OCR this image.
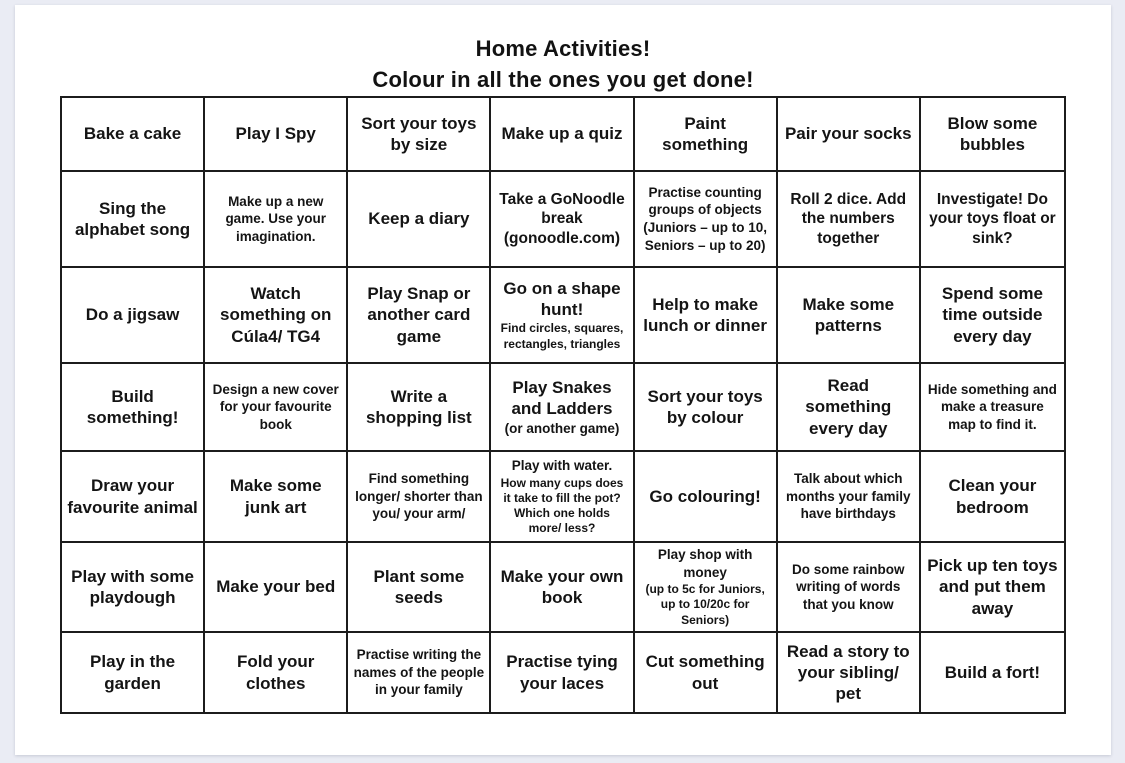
Home Activities!
Colour in all the ones you get done!
Bake a cake	Play I Spy
Sort your toys by size
Make up a quiz
Paint something
Pair your socks
Blow some bubbles
Sing the alphabet song
Make up a new game. Use your imagination.
Keep a diary
Take a GoNoodle break (gonoodle.com)
Practise counting groups of objects (Juniors – up to 10, Seniors – up to 20)
Roll 2 dice. Add the numbers together
Investigate! Do your toys float or sink?
Do a jigsaw
Watch something on Cúla4/ TG4
Play Snap or another card game
Go on a shape hunt!
Find circles, squares, rectangles, triangles
Help to make lunch or dinner
Make some patterns
Spend some time outside every day
Build something!
Design a new cover for your favourite book
Write a shopping list
Play Snakes and Ladders
(or another game)
Sort your toys by colour
Read something every day
Hide something and make a treasure map to find it.
Draw your favourite animal
Make some junk art
Find something longer/ shorter than you/ your arm/
Play with water.
How many cups does it take to fill the pot? Which one holds more/ less?
Go colouring!
Talk about which months your family have birthdays
Clean your bedroom
Play with some playdough
Make your bed
Plant some seeds
Make your own book
Play shop with money
(up to 5c for Juniors, up to 10/20c for Seniors)
Do some rainbow writing of words that you know
Pick up ten toys and put them away
Play in the garden
Fold your clothes
Practise writing the names of the people in your family
Practise tying your laces
Cut something out
Read a story to your sibling/ pet
Build a fort!
